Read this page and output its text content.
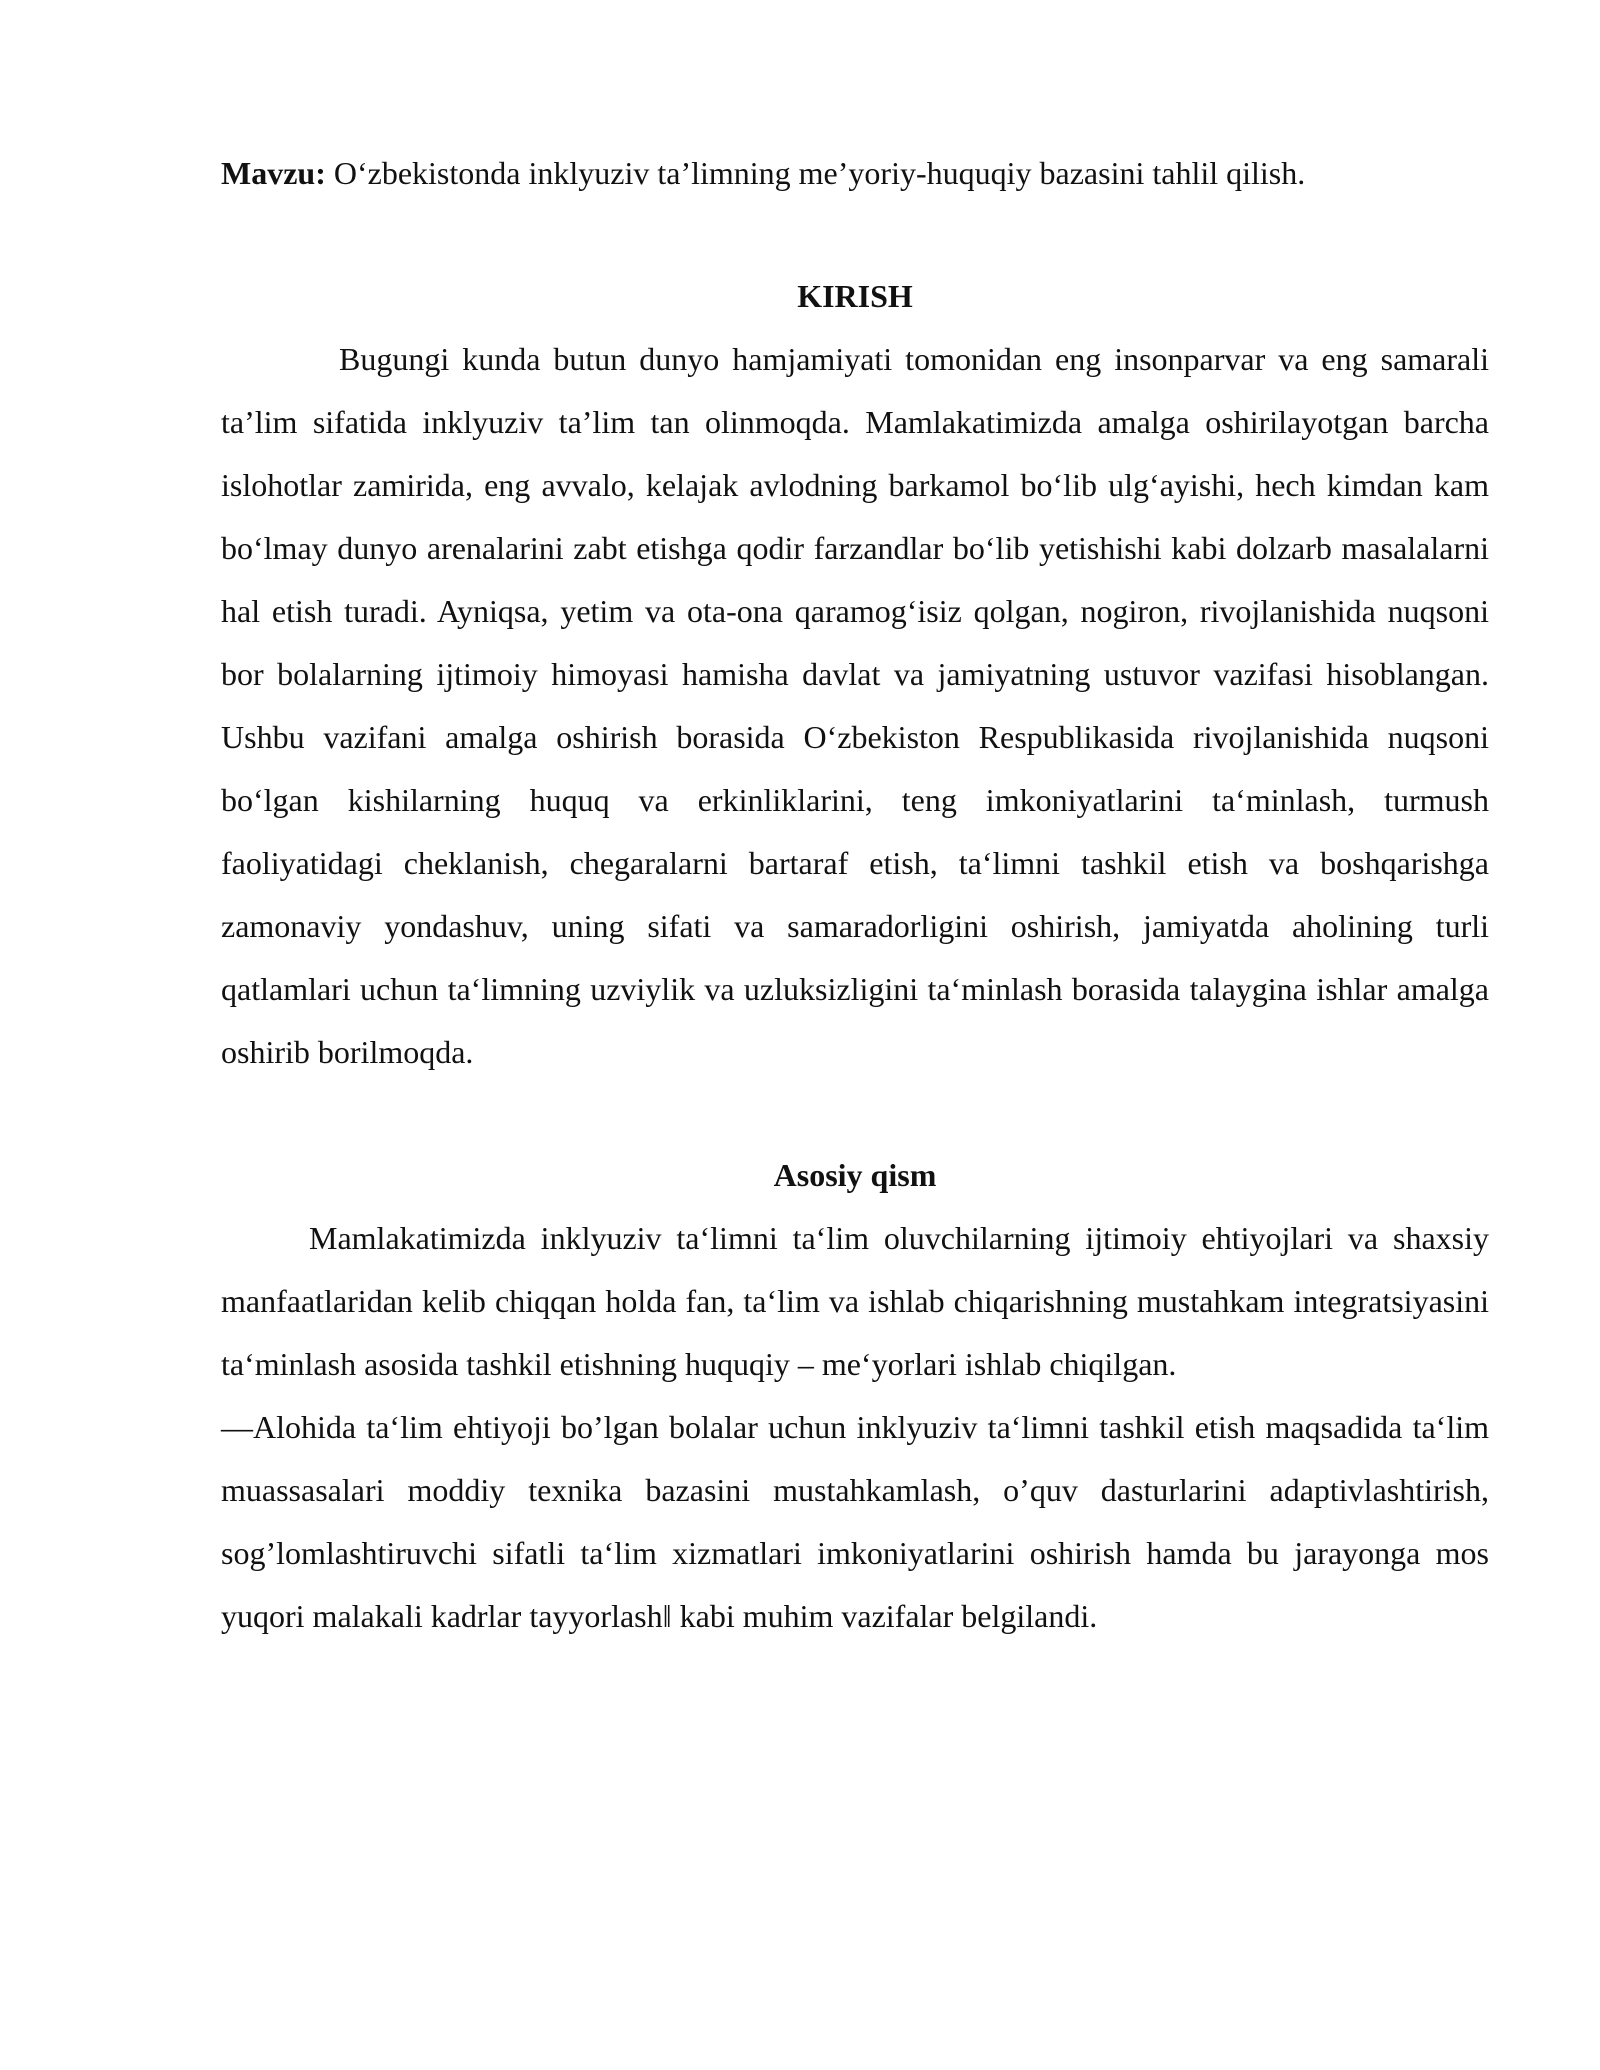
Mavzu: O‘zbekistonda inklyuziv ta’limning me’yoriy-huquqiy bazasini tahlil qilish.

KIRISH

Bugungi kunda butun dunyo hamjamiyati tomonidan eng insonparvar va eng samarali ta’lim sifatida inklyuziv ta’lim tan olinmoqda. Mamlakatimizda amalga oshirilayotgan barcha islohotlar zamirida, eng avvalo, kelajak avlodning barkamol bo‘lib ulg‘ayishi, hech kimdan kam bo‘lmay dunyo arenalarini zabt etishga qodir farzandlar bo‘lib yetishishi kabi dolzarb masalalarni hal etish turadi. Ayniqsa, yetim va ota-ona qaramog‘isiz qolgan, nogiron, rivojlanishida nuqsoni bor bolalarning ijtimoiy himoyasi hamisha davlat va jamiyatning ustuvor vazifasi hisoblangan. Ushbu vazifani amalga oshirish borasida O‘zbekiston Respublikasida rivojlanishida nuqsoni bo‘lgan kishilarning huquq va erkinliklarini, teng imkoniyatlarini ta‘minlash, turmush faoliyatidagi cheklanish, chegaralarni bartaraf etish, ta‘limni tashkil etish va boshqarishga zamonaviy yondashuv, uning sifati va samaradorligini oshirish, jamiyatda aholining turli qatlamlari uchun ta‘limning uzviylik va uzluksizligini ta‘minlash borasida talaygina ishlar amalga oshirib borilmoqda.

Asosiy qism

Mamlakatimizda inklyuziv ta‘limni ta‘lim oluvchilarning ijtimoiy ehtiyojlari va shaxsiy manfaatlaridan kelib chiqqan holda fan, ta‘lim va ishlab chiqarishning mustahkam integratsiyasini ta‘minlash asosida tashkil etishning huquqiy – me‘yorlari ishlab chiqilgan.

―Alohida ta‘lim ehtiyoji bo’lgan bolalar uchun inklyuziv ta‘limni tashkil etish maqsadida ta‘lim muassasalari moddiy texnika bazasini mustahkamlash, o’quv dasturlarini adaptivlashtirish, sog’lomlashtiruvchi sifatli ta‘lim xizmatlari imkoniyatlarini oshirish hamda bu jarayonga mos yuqori malakali kadrlar tayyorlash‖ kabi muhim vazifalar belgilandi.
